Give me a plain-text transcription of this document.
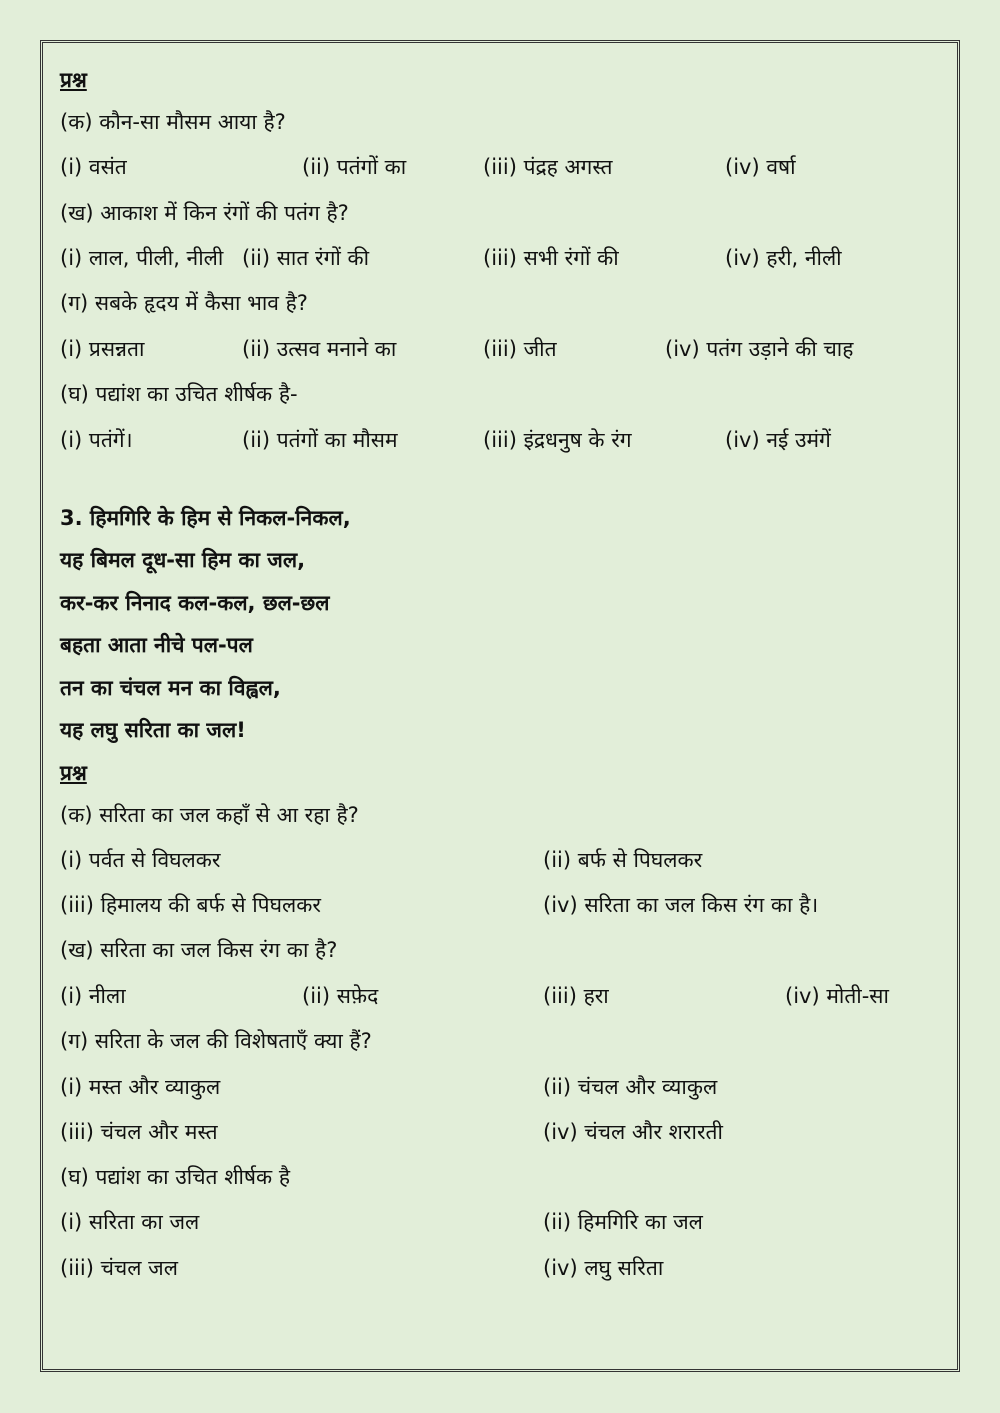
प्रश्न
(क) कौन-सा मौसम आया है?
(i) वसंत	(ii) पतंगों का	(iii) पंद्रह अगस्त	(iv) वर्षा
(ख) आकाश में किन रंगों की पतंग है?
(i) लाल, पीली, नीली (ii) सात रंगों की	(iii) सभी रंगों की	(iv) हरी, नीली
(ग) सबके हृदय में कैसा भाव है?
(i) प्रसन्नता	(ii) उत्सव मनाने का	(iii) जीत	(iv) पतंग उड़ाने की चाह
(घ) पद्यांश का उचित शीर्षक है-
(i) पतंगें।	(ii) पतंगों का मौसम	(iii) इंद्रधनुष के रंग	(iv) नई उमंगें
3. हिमगिरि के हिम से निकल-निकल,
यह बिमल दूध-सा हिम का जल,
कर-कर निनाद कल-कल, छल-छल
बहता आता नीचे पल-पल
तन का चंचल मन का विह्वल,
यह लघु सरिता का जल!
प्रश्न
(क) सरिता का जल कहाँ से आ रहा है?
(i) पर्वत से विघलकर	(ii) बर्फ से पिघलकर
(iii) हिमालय की बर्फ से पिघलकर	(iv) सरिता का जल किस रंग का है।
(ख) सरिता का जल किस रंग का है?
(i) नीला	(ii) सफ़ेद	(iii) हरा	(iv) मोती-सा
(ग) सरिता के जल की विशेषताएँ क्या हैं?
(i) मस्त और व्याकुल	(ii) चंचल और व्याकुल
(iii) चंचल और मस्त	(iv) चंचल और शरारती
(घ) पद्यांश का उचित शीर्षक है
(i) सरिता का जल	(ii) हिमगिरि का जल
(iii) चंचल जल	(iv) लघु सरिता
